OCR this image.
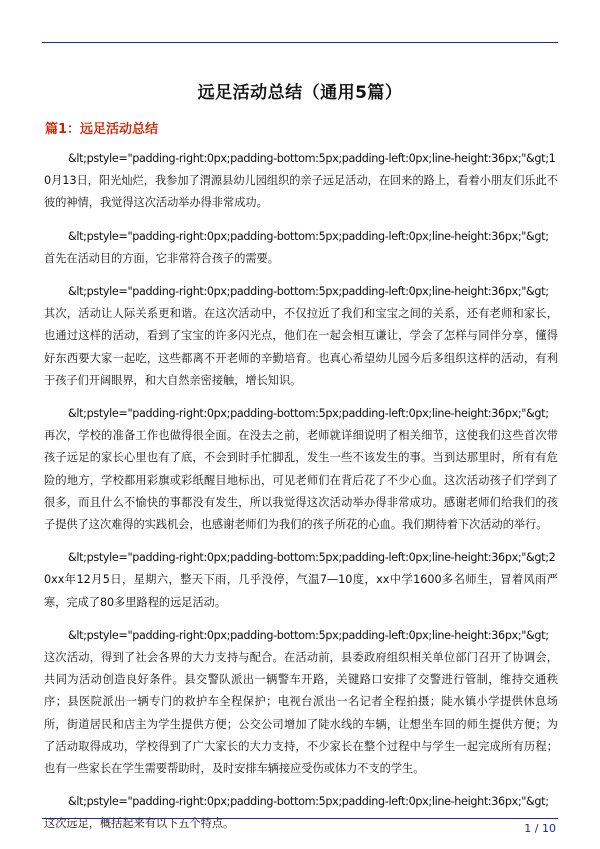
远足活动总结（通用5篇）
篇1：远足活动总结

&lt;pstyle="padding-right:0px;padding-bottom:5px;padding-left:0px;line-height:36px;"&gt;10月13日，阳光灿烂，我参加了渭源县幼儿园组织的亲子远足活动，在回来的路上，看着小朋友们乐此不彼的神情，我觉得这次活动举办得非常成功。

&lt;pstyle="padding-right:0px;padding-bottom:5px;padding-left:0px;line-height:36px;"&gt;首先在活动目的方面，它非常符合孩子的需要。

&lt;pstyle="padding-right:0px;padding-bottom:5px;padding-left:0px;line-height:36px;"&gt;其次，活动让人际关系更和谐。在这次活动中，不仅拉近了我们和宝宝之间的关系，还有老师和家长，也通过这样的活动，看到了宝宝的许多闪光点，他们在一起会相互谦让，学会了怎样与同伴分享，懂得好东西要大家一起吃，这些都离不开老师的辛勤培育。也真心希望幼儿园今后多组织这样的活动，有利于孩子们开阔眼界，和大自然亲密接触，增长知识。

&lt;pstyle="padding-right:0px;padding-bottom:5px;padding-left:0px;line-height:36px;"&gt;再次，学校的准备工作也做得很全面。在没去之前，老师就详细说明了相关细节，这使我们这些首次带孩子远足的家长心里也有了底，不会到时手忙脚乱，发生一些不该发生的事。当到达那里时，所有有危险的地方，学校都用彩旗或彩纸醒目地标出，可见老师们在背后花了不少心血。这次活动孩子们学到了很多，而且什么不愉快的事都没有发生，所以我觉得这次活动举办得非常成功。感谢老师们给我们的孩子提供了这次难得的实践机会，也感谢老师们为我们的孩子所花的心血。我们期待着下次活动的举行。

&lt;pstyle="padding-right:0px;padding-bottom:5px;padding-left:0px;line-height:36px;"&gt;20xx年12月5日，星期六，整天下雨，几乎没停，气温7—10度，xx中学1600多名师生，冒着风雨严寒，完成了80多里路程的远足活动。

&lt;pstyle="padding-right:0px;padding-bottom:5px;padding-left:0px;line-height:36px;"&gt;这次活动，得到了社会各界的大力支持与配合。在活动前，县委政府组织相关单位部门召开了协调会，共同为活动创造良好条件。县交警队派出一辆警车开路，关键路口安排了交警进行管制，维持交通秩序；县医院派出一辆专门的救护车全程保护；电视台派出一名记者全程拍摄；陡水镇小学提供休息场所，街道居民和店主为学生提供方便；公交公司增加了陡水线的车辆，让想坐车回的师生提供方便；为了活动取得成功，学校得到了广大家长的大力支持，不少家长在整个过程中与学生一起完成所有历程；也有一些家长在学生需要帮助时，及时安排车辆接应受伤或体力不支的学生。

&lt;pstyle="padding-right:0px;padding-bottom:5px;padding-left:0px;line-height:36px;"&gt;这次远足，概括起来有以下五个特点。	1 / 10
